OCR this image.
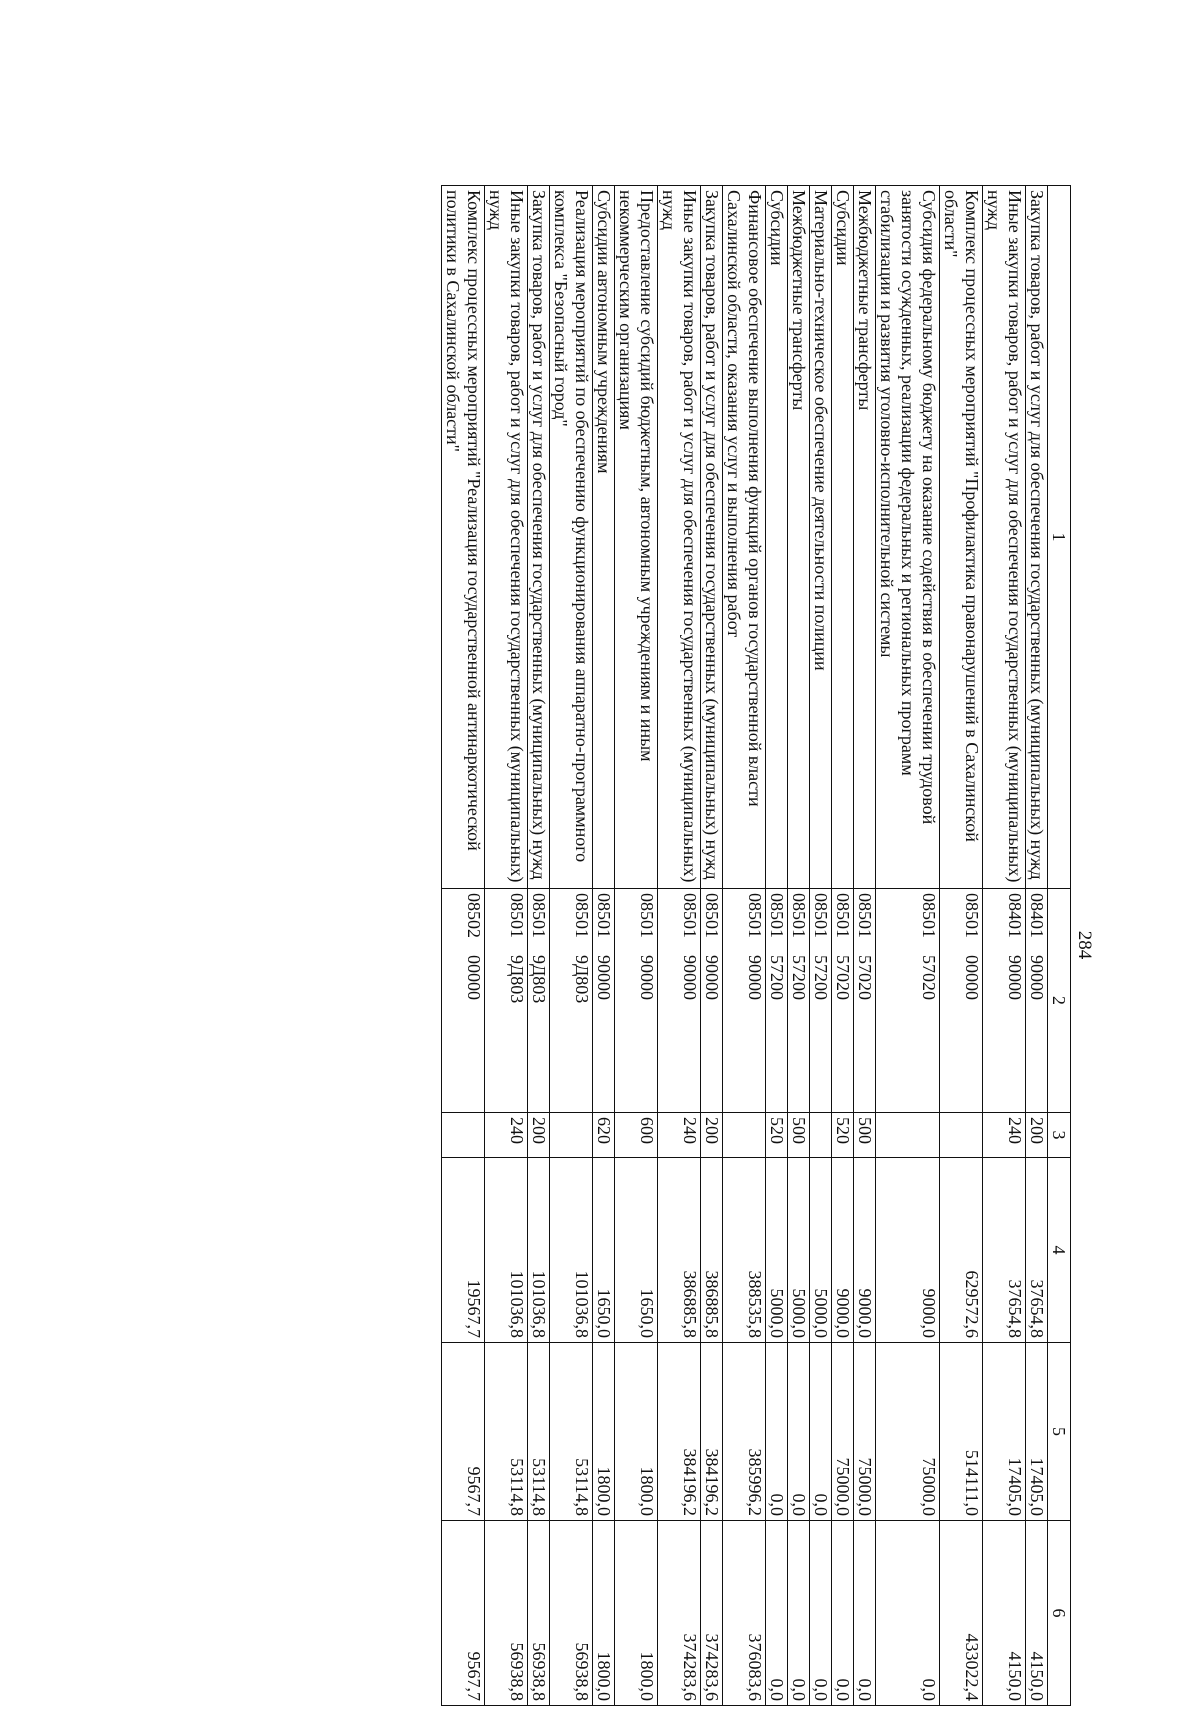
284
1	2	3	4	5	6
Закупка товаров, работ и услуг для обеспечения государственных (муниципальных) нужд	0840190000	200	37654,8	17405,0	4150,0
Иные закупки товаров, работ и услуг для обеспечения государственных (муниципальных) нужд	0840190000	240	37654,8	17405,0	4150,0
Комплекс процессных мероприятий "Профилактика правонарушений в Сахалинской области"	0850100000		629572,6	514111,0	433022,4
Субсидия федеральному бюджету на оказание содействия в обеспечении трудовой занятости осужденных, реализации федеральных и региональных программ стабилизации и развития уголовно-исполнительной системы	0850157020		9000,0	75000,0	0,0
Межбюджетные трансферты	0850157020	500	9000,0	75000,0	0,0
Субсидии	0850157020	520	9000,0	75000,0	0,0
Материально-техническое обеспечение деятельности полиции	0850157200		5000,0	0,0	0,0
Межбюджетные трансферты	0850157200	500	5000,0	0,0	0,0
Субсидии	0850157200	520	5000,0	0,0	0,0
Финансовое обеспечение выполнения функций органов государственной власти Сахалинской области, оказания услуг и выполнения работ	0850190000		388535,8	385996,2	376083,6
Закупка товаров, работ и услуг для обеспечения государственных (муниципальных) нужд	0850190000	200	386885,8	384196,2	374283,6
Иные закупки товаров, работ и услуг для обеспечения государственных (муниципальных) нужд	0850190000	240	386885,8	384196,2	374283,6
Предоставление субсидий бюджетным, автономным учреждениям и иным некоммерческим организациям	0850190000	600	1650,0	1800,0	1800,0
Субсидии автономным учреждениям	0850190000	620	1650,0	1800,0	1800,0
Реализация мероприятий по обеспечению функционирования аппаратно-программного комплекса "Безопасный город"	085019Д803		101036,8	53114,8	56938,8
Закупка товаров, работ и услуг для обеспечения государственных (муниципальных) нужд	085019Д803	200	101036,8	53114,8	56938,8
Иные закупки товаров, работ и услуг для обеспечения государственных (муниципальных) нужд	085019Д803	240	101036,8	53114,8	56938,8
Комплекс процессных мероприятий "Реализация государственной антинаркотической политики в Сахалинской области"	0850200000		19567,7	9567,7	9567,7
